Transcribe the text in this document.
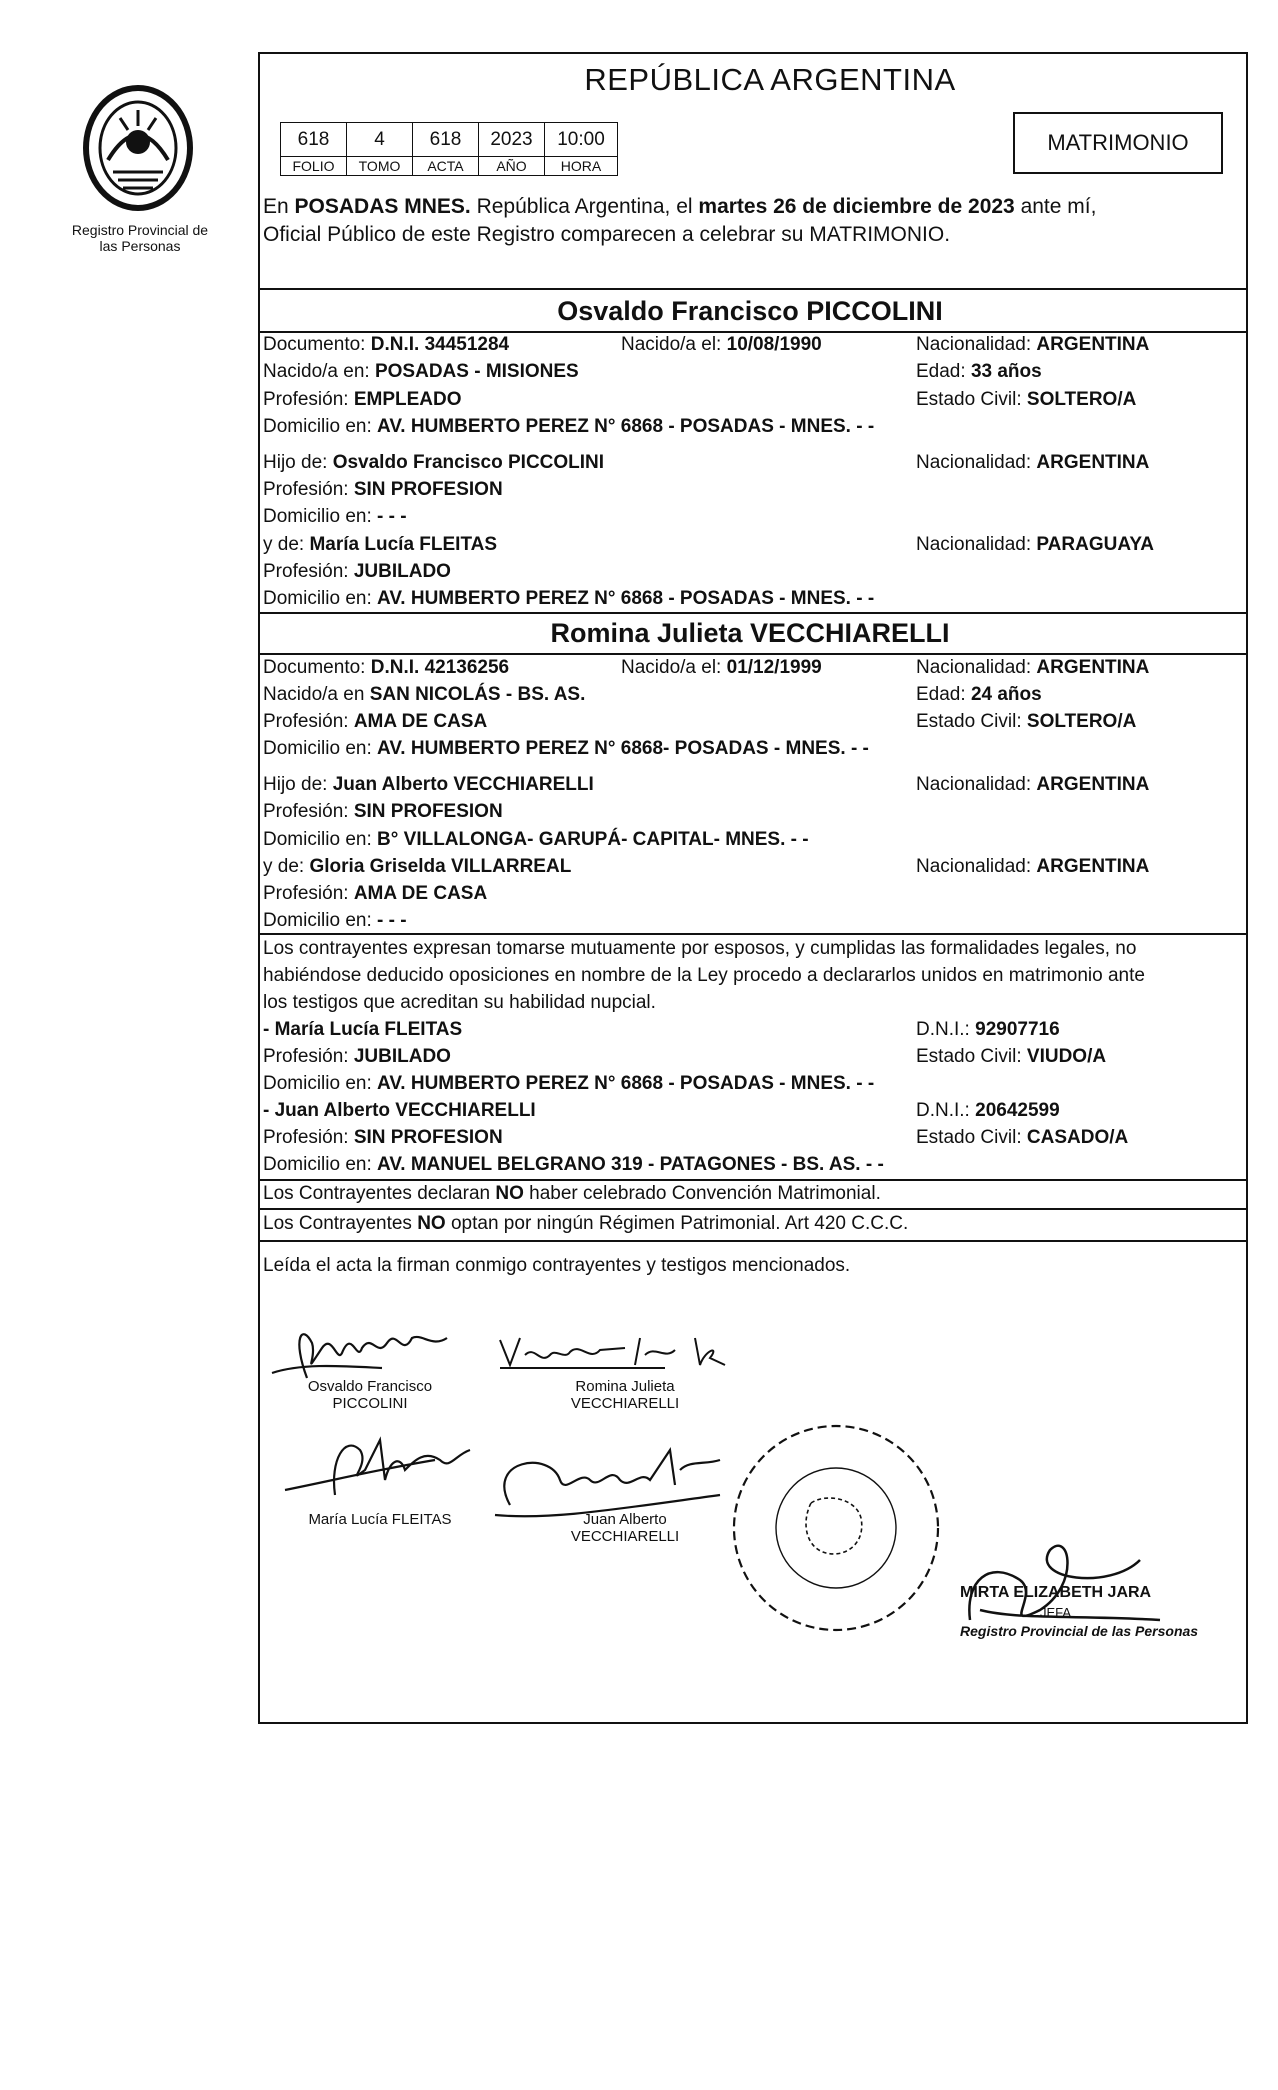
Registro Provincial de las Personas
REPÚBLICA ARGENTINA
618	4	618	2023	10:00
FOLIO	TOMO	ACTA	AÑO	HORA
MATRIMONIO
En POSADAS MNES. República Argentina, el martes 26 de diciembre de 2023 ante mí,
Oficial Público de este Registro comparecen a celebrar su MATRIMONIO.
Osvaldo Francisco PICCOLINI
Documento: D.N.I. 34451284	Nacido/a el: 10/08/1990	Nacionalidad: ARGENTINA
Nacido/a en: POSADAS - MISIONES	Edad: 33 años
Profesión: EMPLEADO	Estado Civil: SOLTERO/A
Domicilio en: AV. HUMBERTO PEREZ N° 6868 - POSADAS - MNES. - -
Hijo de: Osvaldo Francisco PICCOLINI	Nacionalidad: ARGENTINA
Profesión: SIN PROFESION
Domicilio en: - - -
y de: María Lucía FLEITAS	Nacionalidad: PARAGUAYA
Profesión: JUBILADO
Domicilio en: AV. HUMBERTO PEREZ N° 6868 - POSADAS - MNES. - -
Romina Julieta VECCHIARELLI
Documento: D.N.I. 42136256	Nacido/a el: 01/12/1999	Nacionalidad: ARGENTINA
Nacido/a en SAN NICOLÁS - BS. AS.	Edad: 24 años
Profesión: AMA DE CASA	Estado Civil: SOLTERO/A
Domicilio en: AV. HUMBERTO PEREZ N° 6868- POSADAS - MNES. - -
Hijo de: Juan Alberto VECCHIARELLI	Nacionalidad: ARGENTINA
Profesión: SIN PROFESION
Domicilio en: B° VILLALONGA- GARUPÁ- CAPITAL- MNES. - -
y de: Gloria Griselda VILLARREAL	Nacionalidad: ARGENTINA
Profesión: AMA DE CASA
Domicilio en: - - -
Los contrayentes expresan tomarse mutuamente por esposos, y cumplidas las formalidades legales, no
habiéndose deducido oposiciones en nombre de la Ley procedo a declararlos unidos en matrimonio ante
los testigos que acreditan su habilidad nupcial.
- María Lucía FLEITAS	D.N.I.: 92907716
Profesión: JUBILADO	Estado Civil: VIUDO/A
Domicilio en: AV. HUMBERTO PEREZ N° 6868 - POSADAS - MNES. - -
- Juan Alberto VECCHIARELLI	D.N.I.: 20642599
Profesión: SIN PROFESION	Estado Civil: CASADO/A
Domicilio en: AV. MANUEL BELGRANO 319 - PATAGONES - BS. AS. - -
Los Contrayentes declaran NO haber celebrado Convención Matrimonial.
Los Contrayentes NO optan por ningún Régimen Patrimonial. Art 420 C.C.C.
Leída el acta la firman conmigo contrayentes y testigos mencionados.
Osvaldo Francisco
PICCOLINI
Romina Julieta
VECCHIARELLI
María Lucía FLEITAS	Juan Alberto
VECCHIARELLI
MIRTA ELIZABETH JARA
JEFA
Registro Provincial de las Personas
